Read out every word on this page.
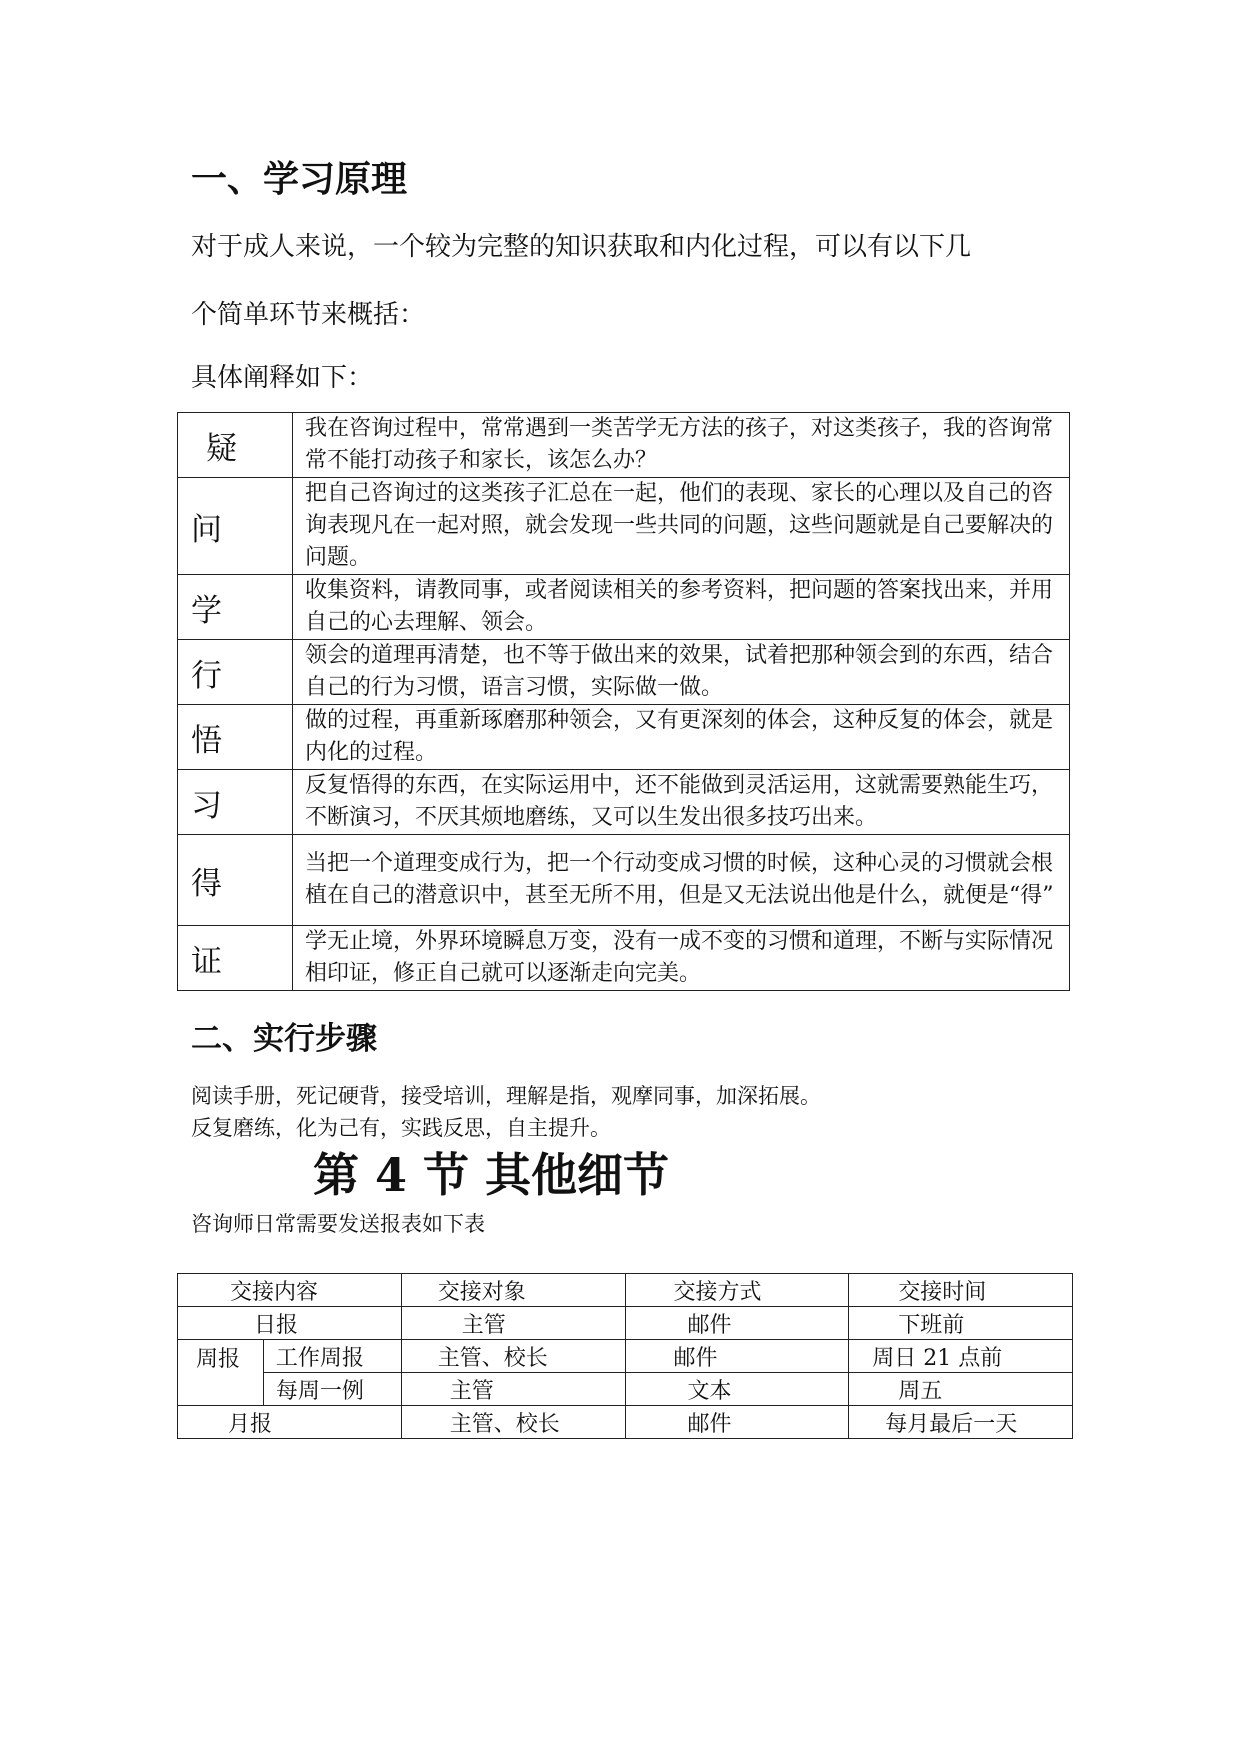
一、学习原理

对于成人来说，一个较为完整的知识获取和内化过程，可以有以下几

个简单环节来概括：

具体阐释如下：

疑	我在咨询过程中，常常遇到一类苦学无方法的孩子，对这类孩子，我的咨询常常不能打动孩子和家长，该怎么办？
问	把自己咨询过的这类孩子汇总在一起，他们的表现、家长的心理以及自己的咨询表现凡在一起对照，就会发现一些共同的问题，这些问题就是自己要解决的问题。
学	收集资料，请教同事，或者阅读相关的参考资料，把问题的答案找出来，并用自己的心去理解、领会。
行	领会的道理再清楚，也不等于做出来的效果，试着把那种领会到的东西，结合自己的行为习惯，语言习惯，实际做一做。
悟	做的过程，再重新琢磨那种领会，又有更深刻的体会，这种反复的体会，就是内化的过程。
习	反复悟得的东西，在实际运用中，还不能做到灵活运用，这就需要熟能生巧，不断演习，不厌其烦地磨练，又可以生发出很多技巧出来。
得	当把一个道理变成行为，把一个行动变成习惯的时候，这种心灵的习惯就会根植在自己的潜意识中，甚至无所不用，但是又无法说出他是什么，就便是“得”
证	学无止境，外界环境瞬息万变，没有一成不变的习惯和道理，不断与实际情况相印证，修正自己就可以逐渐走向完美。
二、实行步骤

阅读手册，死记硬背，接受培训，理解是指，观摩同事，加深拓展。

反复磨练，化为己有，实践反思，自主提升。

第 4 节 其他细节

咨询师日常需要发送报表如下表

交接内容		交接对象	交接方式	交接时间
日报		主管	邮件	下班前
周报	工作周报	主管、校长	邮件	周日 21 点前
	每周一例	主管	文本	周五
月报		主管、校长	邮件	每月最后一天
